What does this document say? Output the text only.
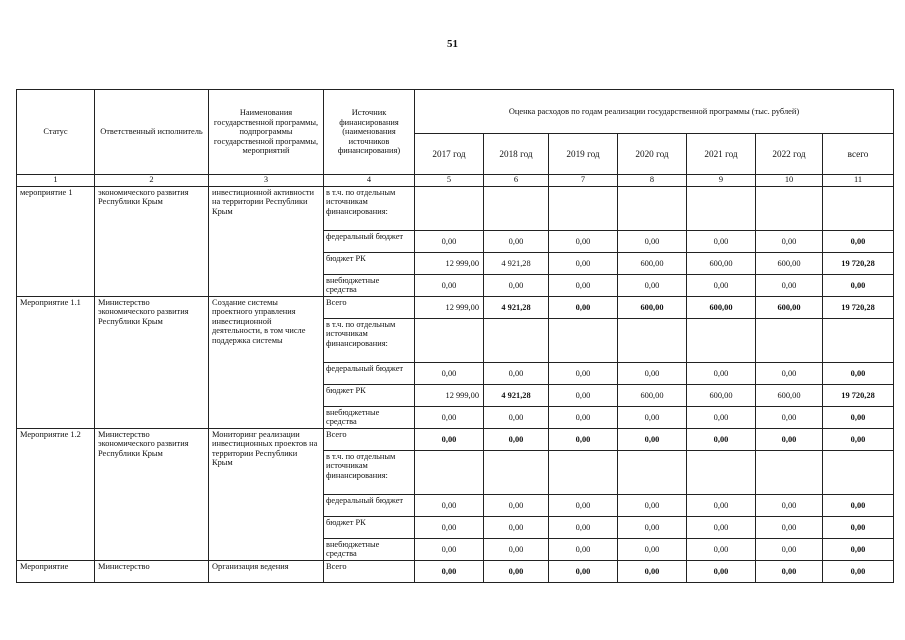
51
Статус	Ответственный исполнитель	Наименования государственной программы, подпрограммы государственной программы, мероприятий	Источник финансирования (наименования источников финансирования)	Оценка расходов по годам реализации государственной программы (тыс. рублей)						
				2017 год	2018 год	2019 год	2020 год	2021 год	2022 год	всего
1	2	3	4	5	6	7	8	9	10	11
мероприятие 1	экономического развития Республики Крым	инвестиционной активности на территории Республики Крым	в т.ч. по отдельным источникам финансирования:							
			федеральный бюджет	0,00	0,00	0,00	0,00	0,00	0,00	0,00
			бюджет РК	12 999,00	4 921,28	0,00	600,00	600,00	600,00	19 720,28
			внебюджетные средства	0,00	0,00	0,00	0,00	0,00	0,00	0,00
Мероприятие 1.1	Министерство экономического развития Республики Крым	Создание системы проектного управления инвестиционной деятельности, в том числе поддержка системы	Всего	12 999,00	4 921,28	0,00	600,00	600,00	600,00	19 720,28
			в т.ч. по отдельным источникам финансирования:							
			федеральный бюджет	0,00	0,00	0,00	0,00	0,00	0,00	0,00
			бюджет РК	12 999,00	4 921,28	0,00	600,00	600,00	600,00	19 720,28
			внебюджетные средства	0,00	0,00	0,00	0,00	0,00	0,00	0,00
Мероприятие 1.2	Министерство экономического развития Республики Крым	Мониторинг реализации инвестиционных проектов на территории Республики Крым	Всего	0,00	0,00	0,00	0,00	0,00	0,00	0,00
			в т.ч. по отдельным источникам финансирования:							
			федеральный бюджет	0,00	0,00	0,00	0,00	0,00	0,00	0,00
			бюджет РК	0,00	0,00	0,00	0,00	0,00	0,00	0,00
			внебюджетные средства	0,00	0,00	0,00	0,00	0,00	0,00	0,00
Мероприятие	Министерство	Организация ведения	Всего	0,00	0,00	0,00	0,00	0,00	0,00	0,00
